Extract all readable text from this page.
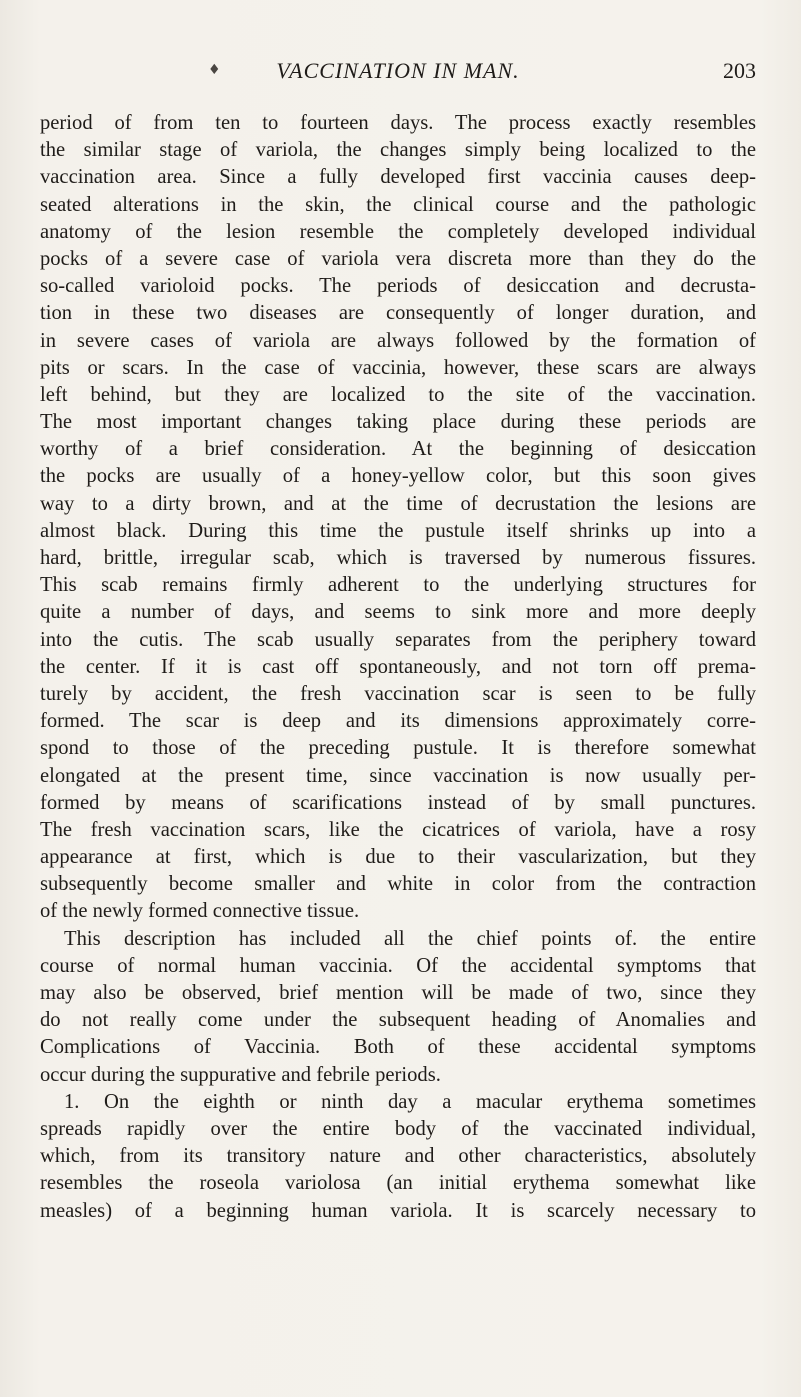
♦	VACCINATION IN MAN.	203
period of from ten to fourteen days. The process exactly resembles
the similar stage of variola, the changes simply being localized to the
vaccination area. Since a fully developed first vaccinia causes deep-
seated alterations in the skin, the clinical course and the pathologic
anatomy of the lesion resemble the completely developed individual
pocks of a severe case of variola vera discreta more than they do the
so-called varioloid pocks. The periods of desiccation and decrusta-
tion in these two diseases are consequently of longer duration, and
in severe cases of variola are always followed by the formation of
pits or scars. In the case of vaccinia, however, these scars are always
left behind, but they are localized to the site of the vaccination.
The most important changes taking place during these periods are
worthy of a brief consideration. At the beginning of desiccation
the pocks are usually of a honey-yellow color, but this soon gives
way to a dirty brown, and at the time of decrustation the lesions are
almost black. During this time the pustule itself shrinks up into a
hard, brittle, irregular scab, which is traversed by numerous fissures.
This scab remains firmly adherent to the underlying structures for
quite a number of days, and seems to sink more and more deeply
into the cutis. The scab usually separates from the periphery toward
the center. If it is cast off spontaneously, and not torn off prema-
turely by accident, the fresh vaccination scar is seen to be fully
formed. The scar is deep and its dimensions approximately corre-
spond to those of the preceding pustule. It is therefore somewhat
elongated at the present time, since vaccination is now usually per-
formed by means of scarifications instead of by small punctures.
The fresh vaccination scars, like the cicatrices of variola, have a rosy
appearance at first, which is due to their vascularization, but they
subsequently become smaller and white in color from the contraction
of the newly formed connective tissue.
This description has included all the chief points of. the entire
course of normal human vaccinia. Of the accidental symptoms that
may also be observed, brief mention will be made of two, since they
do not really come under the subsequent heading of Anomalies and
Complications of Vaccinia. Both of these accidental symptoms
occur during the suppurative and febrile periods.
1. On the eighth or ninth day a macular erythema sometimes
spreads rapidly over the entire body of the vaccinated individual,
which, from its transitory nature and other characteristics, absolutely
resembles the roseola variolosa (an initial erythema somewhat like
measles) of a beginning human variola. It is scarcely necessary to
